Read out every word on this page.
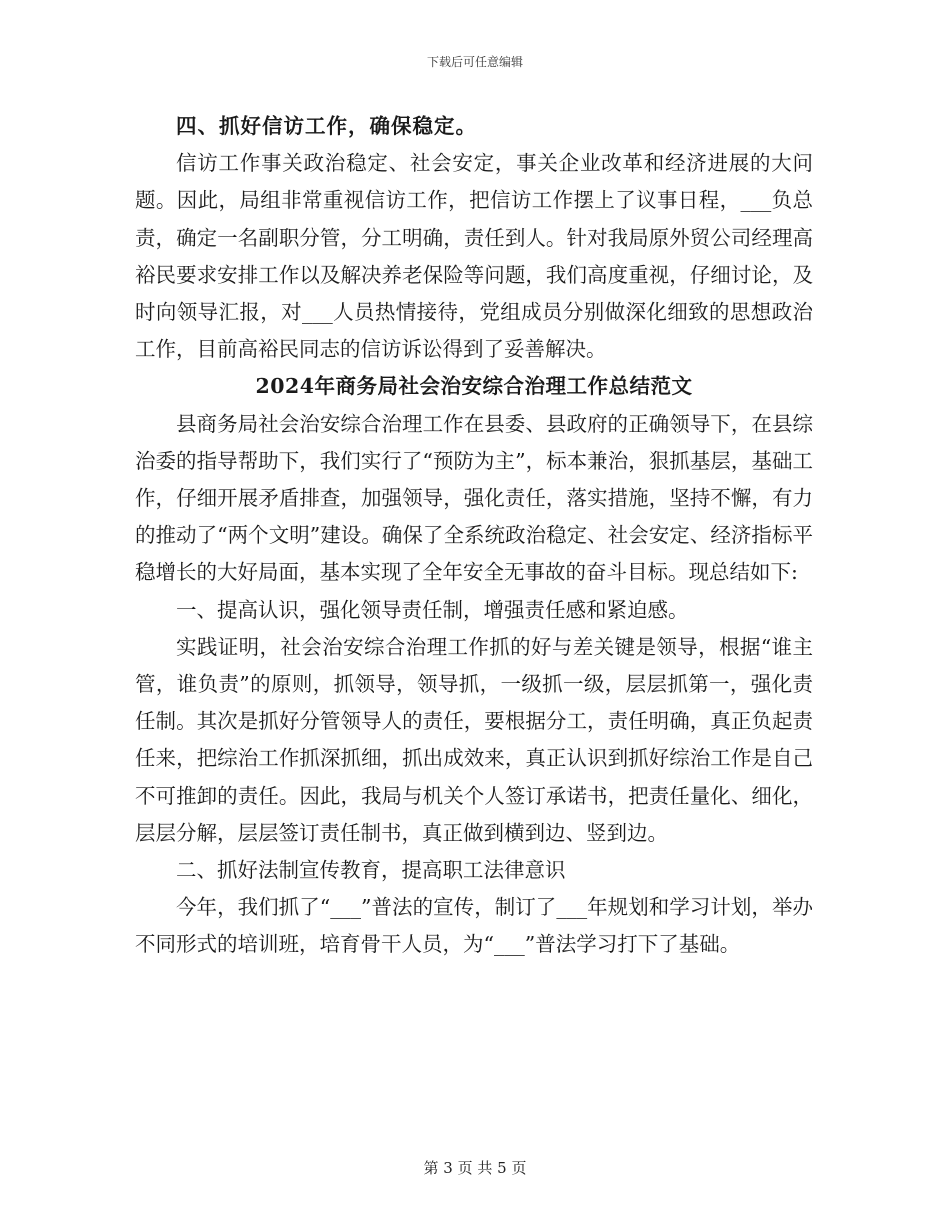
下载后可任意编辑

四、抓好信访工作，确保稳定。

信访工作事关政治稳定、社会安定，事关企业改革和经济进展的大问题。因此，局组非常重视信访工作，把信访工作摆上了议事日程，___负总责，确定一名副职分管，分工明确，责任到人。针对我局原外贸公司经理高裕民要求安排工作以及解决养老保险等问题，我们高度重视，仔细讨论，及时向领导汇报，对___人员热情接待，党组成员分别做深化细致的思想政治工作，目前高裕民同志的信访诉讼得到了妥善解决。

2024年商务局社会治安综合治理工作总结范文

县商务局社会治安综合治理工作在县委、县政府的正确领导下，在县综治委的指导帮助下，我们实行了“预防为主”，标本兼治，狠抓基层，基础工作，仔细开展矛盾排查，加强领导，强化责任，落实措施，坚持不懈，有力的推动了“两个文明”建设。确保了全系统政治稳定、社会安定、经济指标平稳增长的大好局面，基本实现了全年安全无事故的奋斗目标。现总结如下:

一、提高认识，强化领导责任制，增强责任感和紧迫感。

实践证明，社会治安综合治理工作抓的好与差关键是领导，根据“谁主管，谁负责”的原则，抓领导，领导抓，一级抓一级，层层抓第一，强化责任制。其次是抓好分管领导人的责任，要根据分工，责任明确，真正负起责任来，把综治工作抓深抓细，抓出成效来，真正认识到抓好综治工作是自己不可推卸的责任。因此，我局与机关个人签订承诺书，把责任量化、细化，层层分解，层层签订责任制书，真正做到横到边、竖到边。

二、抓好法制宣传教育，提高职工法律意识

今年，我们抓了“___”普法的宣传，制订了___年规划和学习计划，举办不同形式的培训班，培育骨干人员，为“___”普法学习打下了基础。

第 3 页 共 5 页
